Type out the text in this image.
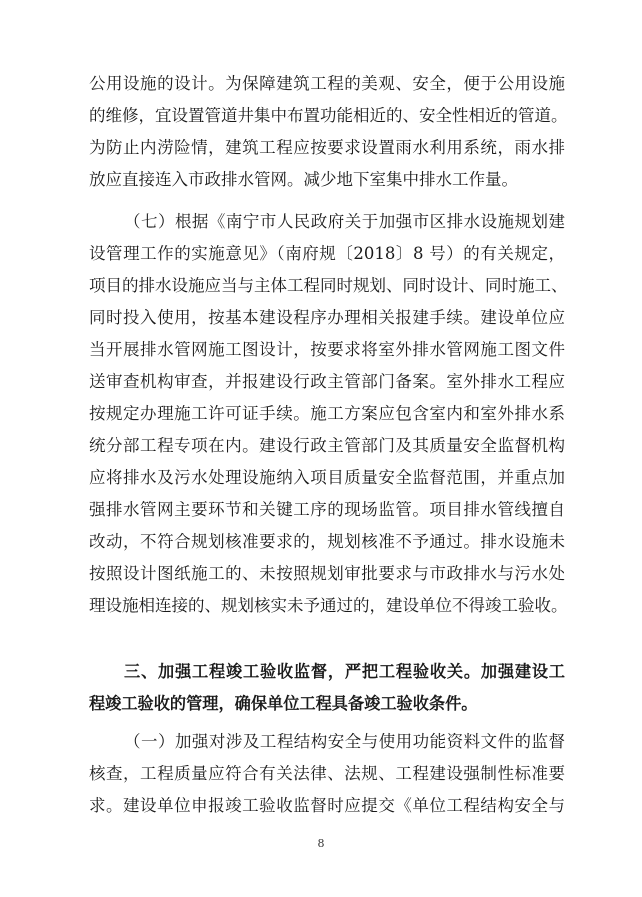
公用设施的设计。为保障建筑工程的美观、安全，便于公用设施
的维修，宜设置管道井集中布置功能相近的、安全性相近的管道。
为防止内涝险情，建筑工程应按要求设置雨水利用系统，雨水排
放应直接连入市政排水管网。减少地下室集中排水工作量。
（七）根据《南宁市人民政府关于加强市区排水设施规划建
设管理工作的实施意见》（南府规〔2018〕8 号）的有关规定，
项目的排水设施应当与主体工程同时规划、同时设计、同时施工、
同时投入使用，按基本建设程序办理相关报建手续。建设单位应
当开展排水管网施工图设计，按要求将室外排水管网施工图文件
送审查机构审查，并报建设行政主管部门备案。室外排水工程应
按规定办理施工许可证手续。施工方案应包含室内和室外排水系
统分部工程专项在内。建设行政主管部门及其质量安全监督机构
应将排水及污水处理设施纳入项目质量安全监督范围，并重点加
强排水管网主要环节和关键工序的现场监管。项目排水管线擅自
改动，不符合规划核准要求的，规划核准不予通过。排水设施未
按照设计图纸施工的、未按照规划审批要求与市政排水与污水处
理设施相连接的、规划核实未予通过的，建设单位不得竣工验收。
三、加强工程竣工验收监督，严把工程验收关。加强建设工
程竣工验收的管理，确保单位工程具备竣工验收条件。
（一）加强对涉及工程结构安全与使用功能资料文件的监督
核查，工程质量应符合有关法律、法规、工程建设强制性标准要
求。建设单位申报竣工验收监督时应提交《单位工程结构安全与
8
